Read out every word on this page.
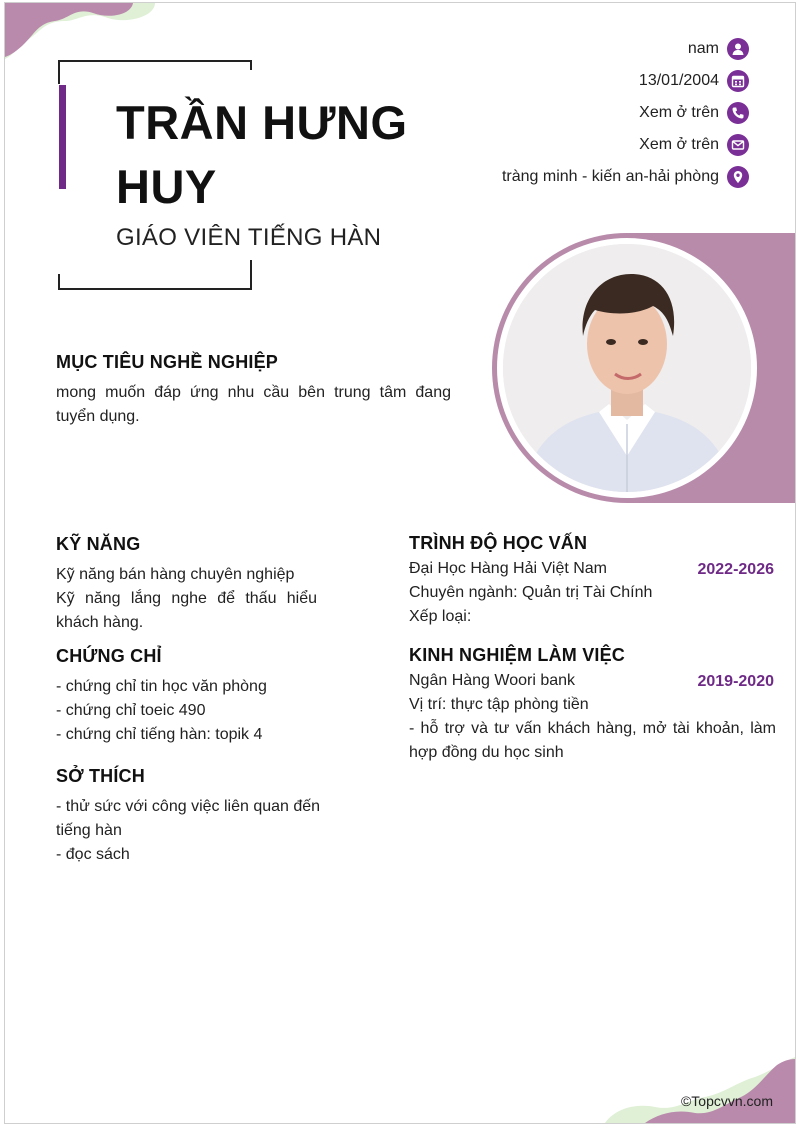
TRẦN HƯNG HUY
GIÁO VIÊN TIẾNG HÀN
nam
13/01/2004
Xem ở trên
Xem ở trên
tràng minh - kiến an-hải phòng
MỤC TIÊU NGHỀ NGHIỆP
mong muốn đáp ứng nhu cầu bên trung tâm đang tuyển dụng.
KỸ NĂNG
Kỹ năng bán hàng chuyên nghiệp
Kỹ năng lắng nghe để thấu hiểu khách hàng.
CHỨNG CHỈ
- chứng chỉ tin học văn phòng
- chứng chỉ toeic 490
- chứng chỉ tiếng hàn: topik 4
SỞ THÍCH
- thử sức với công việc liên quan đến tiếng hàn
- đọc sách
TRÌNH ĐỘ HỌC VẤN
Đại Học Hàng Hải Việt Nam	2022-2026
Chuyên ngành: Quản trị Tài Chính
Xếp loại:
KINH NGHIỆM LÀM VIỆC
Ngân Hàng Woori bank	2019-2020
Vị trí: thực tập phòng tiền
- hỗ trợ và tư vấn khách hàng, mở tài khoản, làm hợp đồng du học sinh
©Topcvvn.com
